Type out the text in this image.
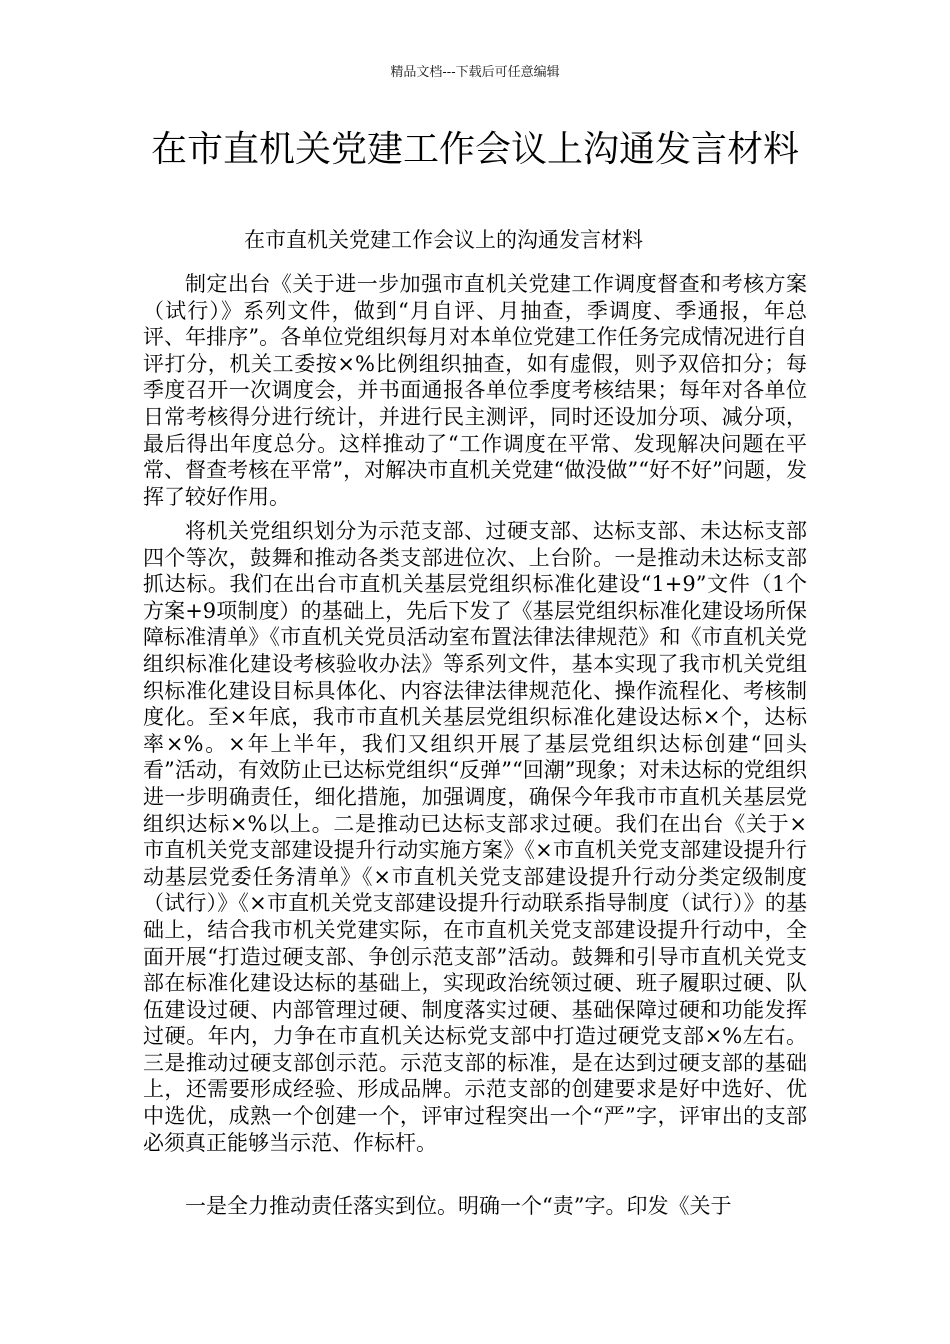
精品文档---下载后可任意编辑
在市直机关党建工作会议上沟通发言材料
在市直机关党建工作会议上的沟通发言材料

制定出台《关于进一步加强市直机关党建工作调度督查和考核方案（试行）》系列文件，做到“月自评、月抽查，季调度、季通报，年总评、年排序”。各单位党组织每月对本单位党建工作任务完成情况进行自评打分，机关工委按×%比例组织抽查，如有虚假，则予双倍扣分；每季度召开一次调度会，并书面通报各单位季度考核结果；每年对各单位日常考核得分进行统计，并进行民主测评，同时还设加分项、减分项，最后得出年度总分。这样推动了“工作调度在平常、发现解决问题在平常、督查考核在平常”，对解决市直机关党建“做没做”“好不好”问题，发挥了较好作用。

将机关党组织划分为示范支部、过硬支部、达标支部、未达标支部四个等次，鼓舞和推动各类支部进位次、上台阶。一是推动未达标支部抓达标。我们在出台市直机关基层党组织标准化建设“1+9”文件（1个方案+9项制度）的基础上，先后下发了《基层党组织标准化建设场所保障标准清单》《市直机关党员活动室布置法律法律规范》和《市直机关党组织标准化建设考核验收办法》等系列文件，基本实现了我市机关党组织标准化建设目标具体化、内容法律法律规范化、操作流程化、考核制度化。至×年底，我市市直机关基层党组织标准化建设达标×个，达标率×%。×年上半年，我们又组织开展了基层党组织达标创建“回头看”活动，有效防止已达标党组织“反弹”“回潮”现象；对未达标的党组织进一步明确责任，细化措施，加强调度，确保今年我市市直机关基层党组织达标×%以上。二是推动已达标支部求过硬。我们在出台《关于×市直机关党支部建设提升行动实施方案》《×市直机关党支部建设提升行动基层党委任务清单》《×市直机关党支部建设提升行动分类定级制度（试行）》《×市直机关党支部建设提升行动联系指导制度（试行）》的基础上，结合我市机关党建实际，在市直机关党支部建设提升行动中，全面开展“打造过硬支部、争创示范支部”活动。鼓舞和引导市直机关党支部在标准化建设达标的基础上，实现政治统领过硬、班子履职过硬、队伍建设过硬、内部管理过硬、制度落实过硬、基础保障过硬和功能发挥过硬。年内，力争在市直机关达标党支部中打造过硬党支部×%左右。三是推动过硬支部创示范。示范支部的标准，是在达到过硬支部的基础上，还需要形成经验、形成品牌。示范支部的创建要求是好中选好、优中选优，成熟一个创建一个，评审过程突出一个“严”字，评审出的支部必须真正能够当示范、作标杆。

一是全力推动责任落实到位。明确一个“责”字。印发《关于
